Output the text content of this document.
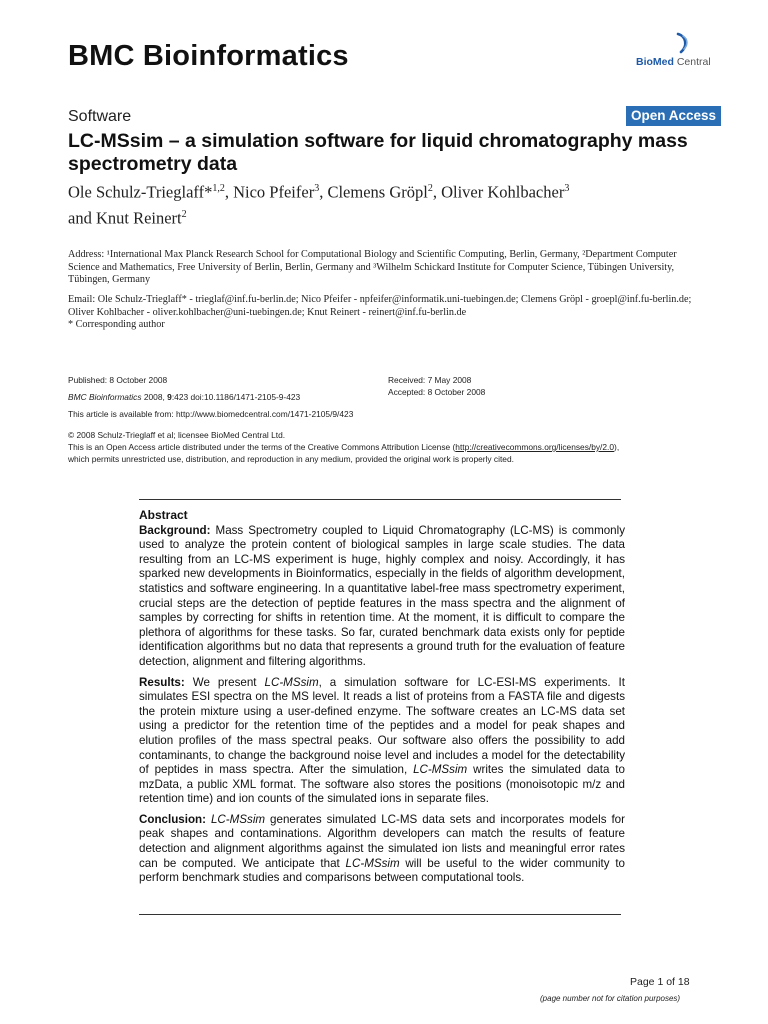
BMC Bioinformatics	BioMed Central
Software	Open Access
LC-MSsim – a simulation software for liquid chromatography mass spectrometry data
Ole Schulz-Trieglaff*$^{1,2}$, Nico Pfeifer$^3$, Clemens Gröpl$^2$, Oliver Kohlbacher$^3$
and Knut Reinert$^2$
Address: ¹International Max Planck Research School for Computational Biology and Scientific Computing, Berlin, Germany, ²Department Computer Science and Mathematics, Free University of Berlin, Berlin, Germany and ³Wilhelm Schickard Institute for Computer Science, Tübingen University, Tübingen, Germany
Email: Ole Schulz-Trieglaff* - trieglaf@inf.fu-berlin.de; Nico Pfeifer - npfeifer@informatik.uni-tuebingen.de; Clemens Gröpl - groepl@inf.fu-berlin.de; Oliver Kohlbacher - oliver.kohlbacher@uni-tuebingen.de; Knut Reinert - reinert@inf.fu-berlin.de
* Corresponding author
Published: 8 October 2008
BMC Bioinformatics 2008, 9:423 doi:10.1186/1471-2105-9-423
This article is available from: http://www.biomedcentral.com/1471-2105/9/423
Received: 7 May 2008
Accepted: 8 October 2008
© 2008 Schulz-Trieglaff et al; licensee BioMed Central Ltd.
This is an Open Access article distributed under the terms of the Creative Commons Attribution License (http://creativecommons.org/licenses/by/2.0),
which permits unrestricted use, distribution, and reproduction in any medium, provided the original work is properly cited.
Abstract

Background: Mass Spectrometry coupled to Liquid Chromatography (LC-MS) is commonly used to analyze the protein content of biological samples in large scale studies. The data resulting from an LC-MS experiment is huge, highly complex and noisy. Accordingly, it has sparked new developments in Bioinformatics, especially in the fields of algorithm development, statistics and software engineering. In a quantitative label-free mass spectrometry experiment, crucial steps are the detection of peptide features in the mass spectra and the alignment of samples by correcting for shifts in retention time. At the moment, it is difficult to compare the plethora of algorithms for these tasks. So far, curated benchmark data exists only for peptide identification algorithms but no data that represents a ground truth for the evaluation of feature detection, alignment and filtering algorithms.

Results: We present LC-MSsim, a simulation software for LC-ESI-MS experiments. It simulates ESI spectra on the MS level. It reads a list of proteins from a FASTA file and digests the protein mixture using a user-defined enzyme. The software creates an LC-MS data set using a predictor for the retention time of the peptides and a model for peak shapes and elution profiles of the mass spectral peaks. Our software also offers the possibility to add contaminants, to change the background noise level and includes a model for the detectability of peptides in mass spectra. After the simulation, LC-MSsim writes the simulated data to mzData, a public XML format. The software also stores the positions (monoisotopic m/z and retention time) and ion counts of the simulated ions in separate files.

Conclusion: LC-MSsim generates simulated LC-MS data sets and incorporates models for peak shapes and contaminations. Algorithm developers can match the results of feature detection and alignment algorithms against the simulated ion lists and meaningful error rates can be computed. We anticipate that LC-MSsim will be useful to the wider community to perform benchmark studies and comparisons between computational tools.

Page 1 of 18
(page number not for citation purposes)
